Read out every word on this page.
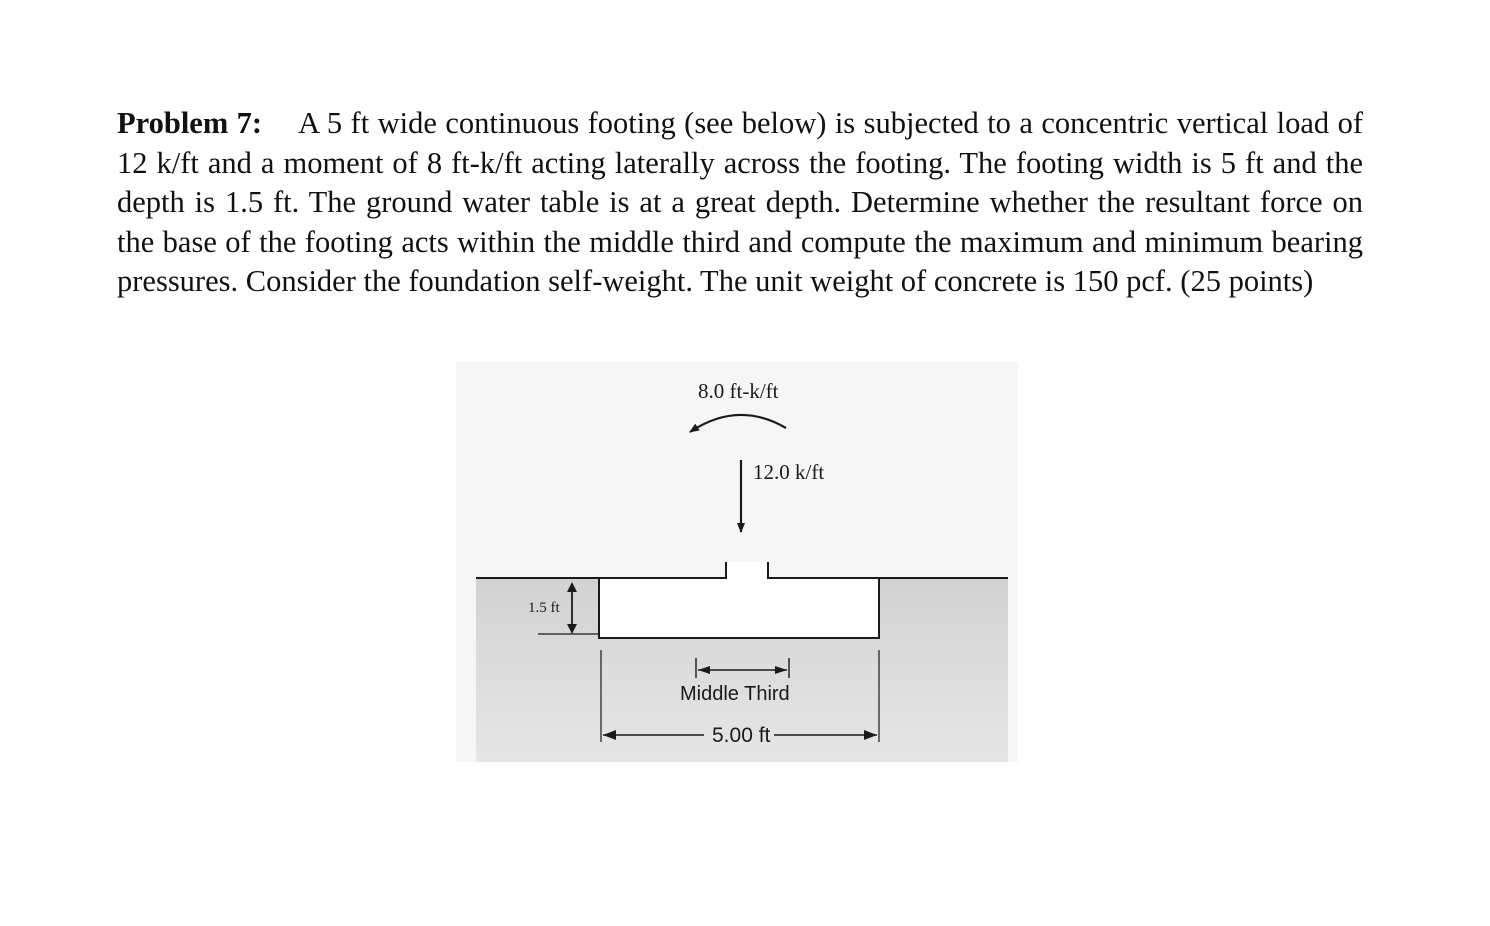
Problem 7: A 5 ft wide continuous footing (see below) is subjected to a concentric vertical load of 12 k/ft and a moment of 8 ft-k/ft acting laterally across the footing. The footing width is 5 ft and the depth is 1.5 ft. The ground water table is at a great depth. Determine whether the resultant force on the base of the footing acts within the middle third and compute the maximum and minimum bearing pressures. Consider the foundation self-weight. The unit weight of concrete is 150 pcf. (25 points)

8.0 ft-k/ft
12.0 k/ft
1.5 ft
Middle Third
5.00 ft
